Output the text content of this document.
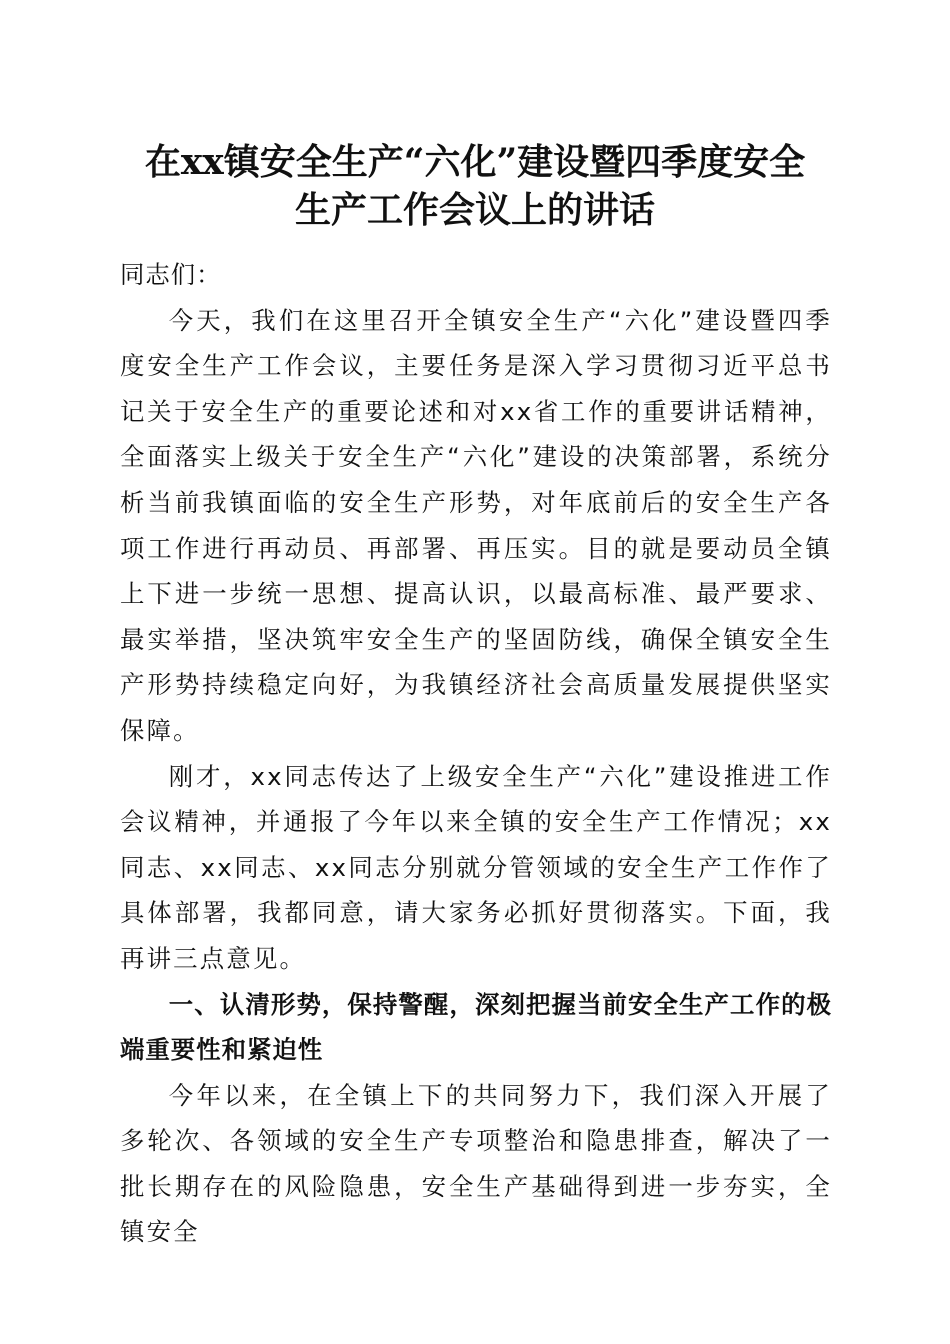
在xx镇安全生产“六化”建设暨四季度安全
生产工作会议上的讲话

同志们：

今天，我们在这里召开全镇安全生产“六化”建设暨四季度安全生产工作会议，主要任务是深入学习贯彻习近平总书记关于安全生产的重要论述和对xx省工作的重要讲话精神，全面落实上级关于安全生产“六化”建设的决策部署，系统分析当前我镇面临的安全生产形势，对年底前后的安全生产各项工作进行再动员、再部署、再压实。目的就是要动员全镇上下进一步统一思想、提高认识，以最高标准、最严要求、最实举措，坚决筑牢安全生产的坚固防线，确保全镇安全生产形势持续稳定向好，为我镇经济社会高质量发展提供坚实保障。

刚才，xx同志传达了上级安全生产“六化”建设推进工作会议精神，并通报了今年以来全镇的安全生产工作情况；xx同志、xx同志、xx同志分别就分管领域的安全生产工作作了具体部署，我都同意，请大家务必抓好贯彻落实。下面，我再讲三点意见。

一、认清形势，保持警醒，深刻把握当前安全生产工作的极端重要性和紧迫性

今年以来，在全镇上下的共同努力下，我们深入开展了多轮次、各领域的安全生产专项整治和隐患排查，解决了一批长期存在的风险隐患，安全生产基础得到进一步夯实，全镇安全
